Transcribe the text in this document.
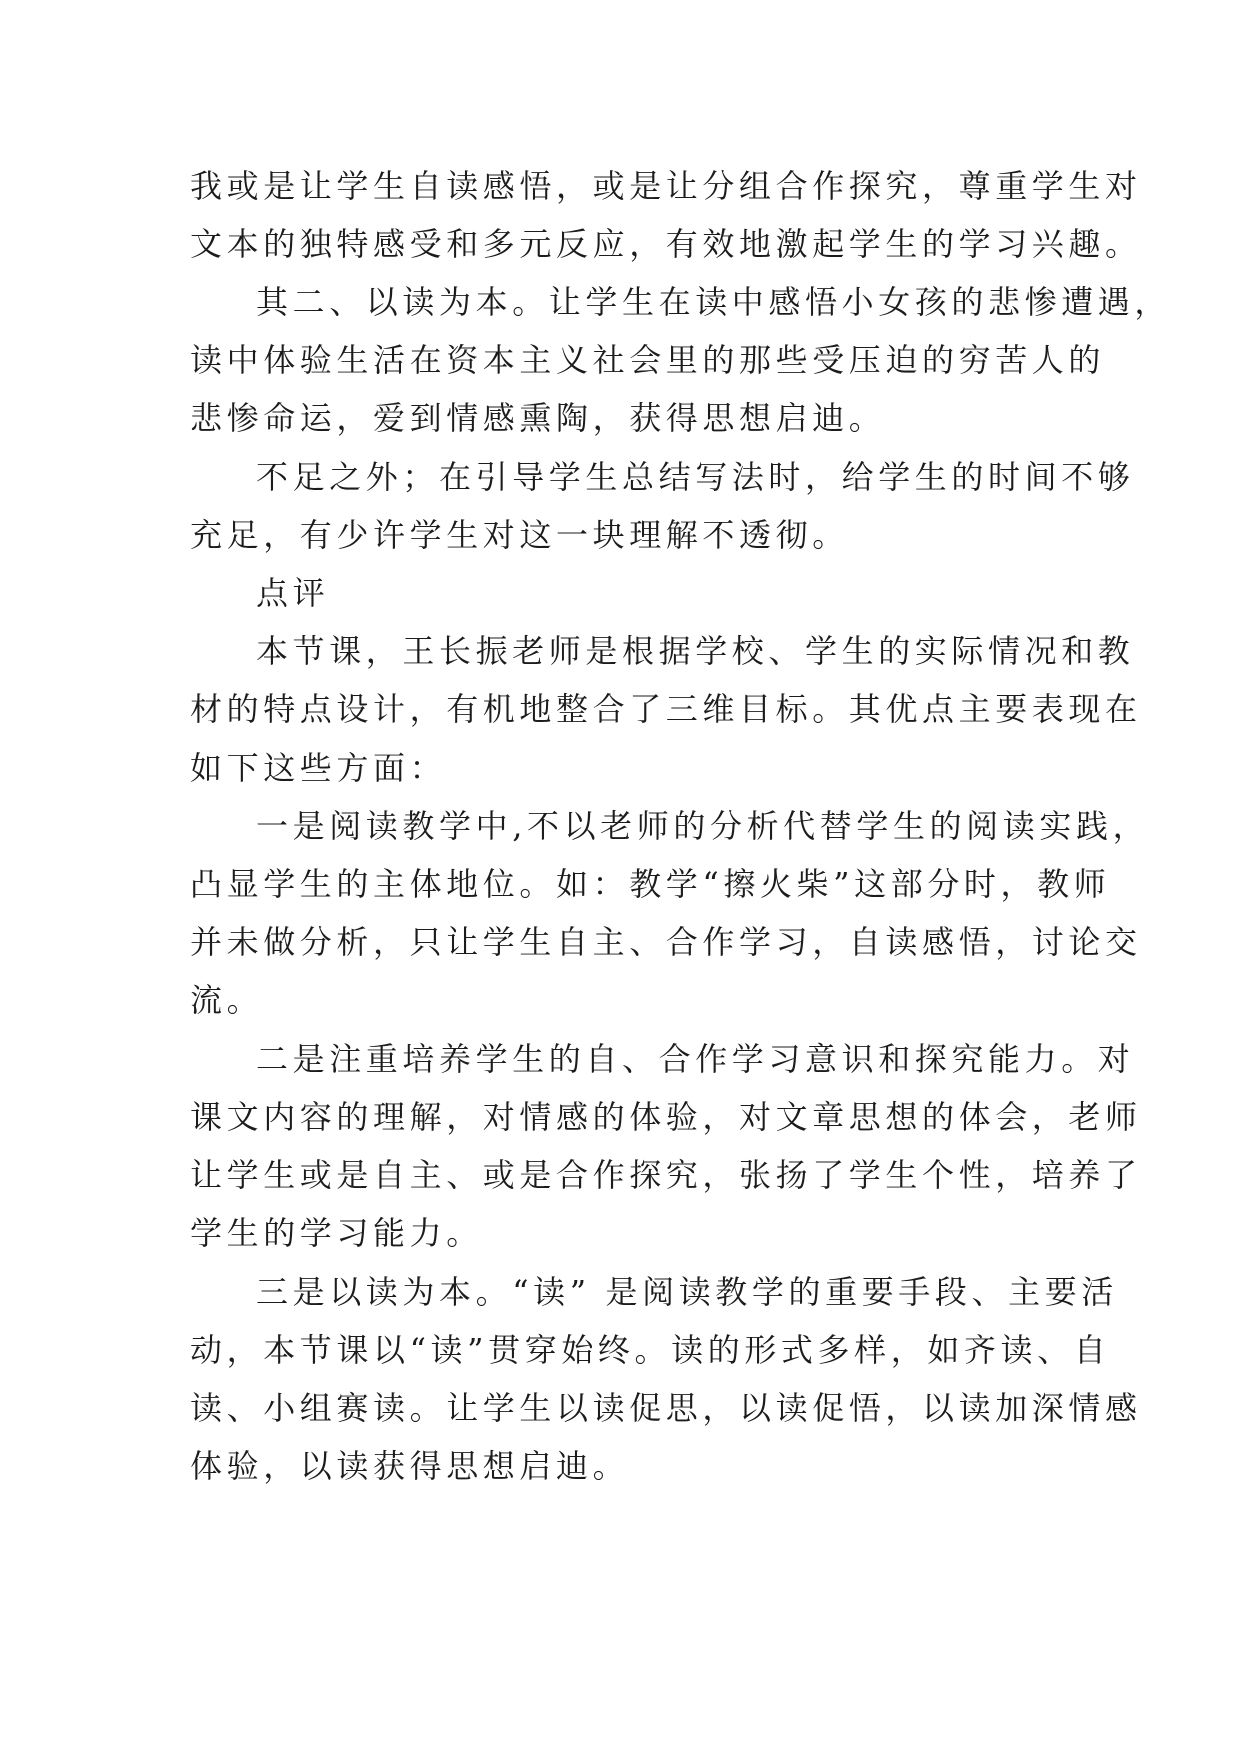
我或是让学生自读感悟，或是让分组合作探究，尊重学生对

文本的独特感受和多元反应，有效地激起学生的学习兴趣。

其二、以读为本。让学生在读中感悟小女孩的悲惨遭遇，

读中体验生活在资本主义社会里的那些受压迫的穷苦人的

悲惨命运，爱到情感熏陶，获得思想启迪。

不足之外；在引导学生总结写法时，给学生的时间不够

充足，有少许学生对这一块理解不透彻。

点评

本节课，王长振老师是根据学校、学生的实际情况和教

材的特点设计，有机地整合了三维目标。其优点主要表现在

如下这些方面：

一是阅读教学中,不以老师的分析代替学生的阅读实践，

凸显学生的主体地位。如：教学“擦火柴”这部分时，教师

并未做分析，只让学生自主、合作学习，自读感悟，讨论交

流。

二是注重培养学生的自、合作学习意识和探究能力。对

课文内容的理解，对情感的体验，对文章思想的体会，老师

让学生或是自主、或是合作探究，张扬了学生个性，培养了

学生的学习能力。

三是以读为本。“读” 是阅读教学的重要手段、主要活

动，本节课以“读”贯穿始终。读的形式多样，如齐读、自

读、小组赛读。让学生以读促思，以读促悟，以读加深情感

体验，以读获得思想启迪。
